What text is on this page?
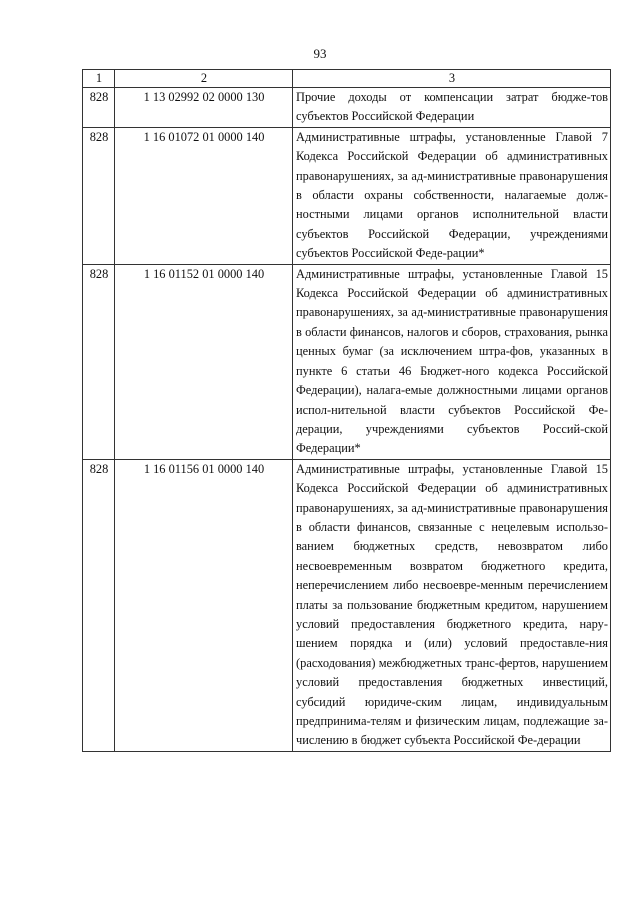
93
1	2	3
828	1 13 02992 02 0000 130	Прочие доходы от компенсации затрат бюдже-тов субъектов Российской Федерации
828	1 16 01072 01 0000 140	Административные штрафы, установленные Главой 7 Кодекса Российской Федерации об административных правонарушениях, за ад-министративные правонарушения в области охраны собственности, налагаемые долж-ностными лицами органов исполнительной власти субъектов Российской Федерации, учреждениями субъектов Российской Феде-рации*
828	1 16 01152 01 0000 140	Административные штрафы, установленные Главой 15 Кодекса Российской Федерации об административных правонарушениях, за ад-министративные правонарушения в области финансов, налогов и сборов, страхования, рынка ценных бумаг (за исключением штра-фов, указанных в пункте 6 статьи 46 Бюджет-ного кодекса Российской Федерации), налага-емые должностными лицами органов испол-нительной власти субъектов Российской Фе-дерации, учреждениями субъектов Россий-ской Федерации*
828	1 16 01156 01 0000 140	Административные штрафы, установленные Главой 15 Кодекса Российской Федерации об административных правонарушениях, за ад-министративные правонарушения в области финансов, связанные с нецелевым использо-ванием бюджетных средств, невозвратом либо несвоевременным возвратом бюджетного кредита, неперечислением либо несвоевре-менным перечислением платы за пользование бюджетным кредитом, нарушением условий предоставления бюджетного кредита, нару-шением порядка и (или) условий предоставле-ния (расходования) межбюджетных транс-фертов, нарушением условий предоставления бюджетных инвестиций, субсидий юридиче-ским лицам, индивидуальным предпринима-телям и физическим лицам, подлежащие за-числению в бюджет субъекта Российской Фе-дерации
